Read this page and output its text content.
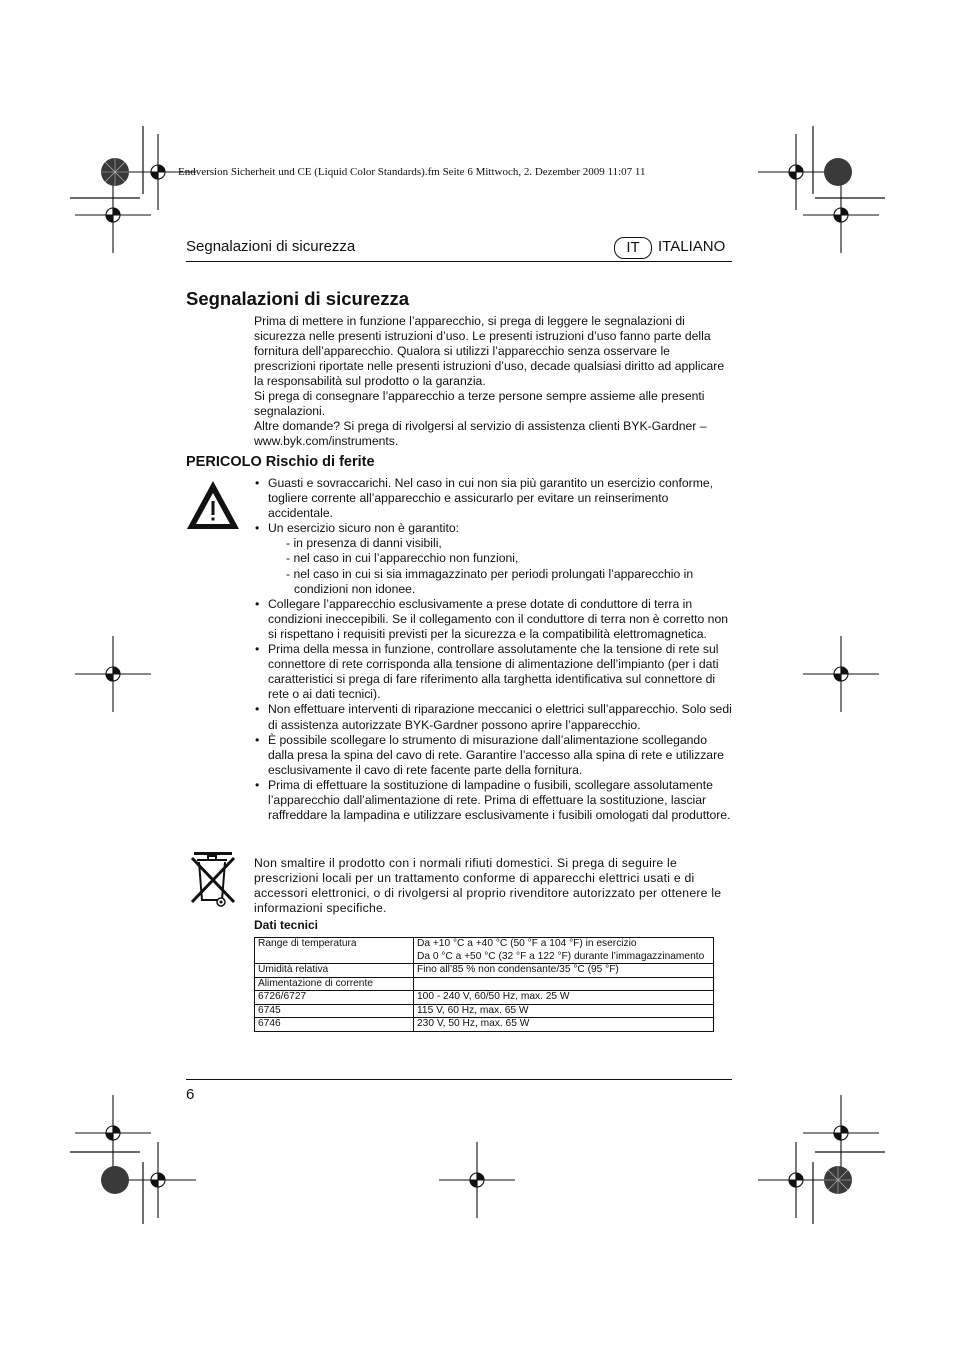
Endversion Sicherheit und CE (Liquid Color Standards).fm Seite 6 Mittwoch, 2. Dezember 2009 11:07 11
Segnalazioni di sicurezza	IT	ITALIANO
Segnalazioni di sicurezza

Prima di mettere in funzione l’apparecchio, si prega di leggere le segnalazioni di sicurezza nelle presenti istruzioni d’uso. Le presenti istruzioni d’uso fanno parte della fornitura dell’apparecchio. Qualora si utilizzi l’apparecchio senza osservare le prescrizioni riportate nelle presenti istruzioni d’uso, decade qualsiasi diritto ad applicare la responsabilità sul prodotto o la garanzia.

Si prega di consegnare l’apparecchio a terze persone sempre assieme alle presenti segnalazioni.

Altre domande? Si prega di rivolgersi al servizio di assistenza clienti BYK-Gardner – www.byk.com/instruments.

PERICOLO Rischio di ferite
• Guasti e sovraccarichi. Nel caso in cui non sia più garantito un esercizio conforme, togliere corrente all’apparecchio e assicurarlo per evitare un reinserimento accidentale.
• Un esercizio sicuro non è garantito:
- in presenza di danni visibili,
- nel caso in cui l’apparecchio non funzioni,
- nel caso in cui si sia immagazzinato per periodi prolungati l’apparecchio in condizioni non idonee.
• Collegare l’apparecchio esclusivamente a prese dotate di conduttore di terra in condizioni ineccepibili. Se il collegamento con il conduttore di terra non è corretto non si rispettano i requisiti previsti per la sicurezza e la compatibilità elettromagnetica.
• Prima della messa in funzione, controllare assolutamente che la tensione di rete sul connettore di rete corrisponda alla tensione di alimentazione dell’impianto (per i dati caratteristici si prega di fare riferimento alla targhetta identificativa sul connettore di rete o ai dati tecnici).
• Non effettuare interventi di riparazione meccanici o elettrici sull’apparecchio. Solo sedi di assistenza autorizzate BYK-Gardner possono aprire l’apparecchio.
• È possibile scollegare lo strumento di misurazione dall’alimentazione scollegando dalla presa la spina del cavo di rete. Garantire l’accesso alla spina di rete e utilizzare esclusivamente il cavo di rete facente parte della fornitura.
• Prima di effettuare la sostituzione di lampadine o fusibili, scollegare assolutamente l’apparecchio dall’alimentazione di rete. Prima di effettuare la sostituzione, lasciar raffreddare la lampadina e utilizzare esclusivamente i fusibili omologati dal produttore.
Non smaltire il prodotto con i normali rifiuti domestici. Si prega di seguire le prescrizioni locali per un trattamento conforme di apparecchi elettrici usati e di accessori elettronici, o di rivolgersi al proprio rivenditore autorizzato per ottenere le informazioni specifiche.
Dati tecnici
Range di temperatura	Da +10 °C a +40 °C (50 °F a 104 °F) in esercizio
Da 0 °C a +50 °C (32 °F a 122 °F) durante l’immagazzinamento

Umidità relativa	Fino all’85 % non condensante/35 °C (95 °F)
Alimentazione di corrente	
6726/6727	100 - 240 V, 60/50 Hz, max. 25 W
6745	115 V, 60 Hz, max. 65 W
6746	230 V, 50 Hz, max. 65 W
6
